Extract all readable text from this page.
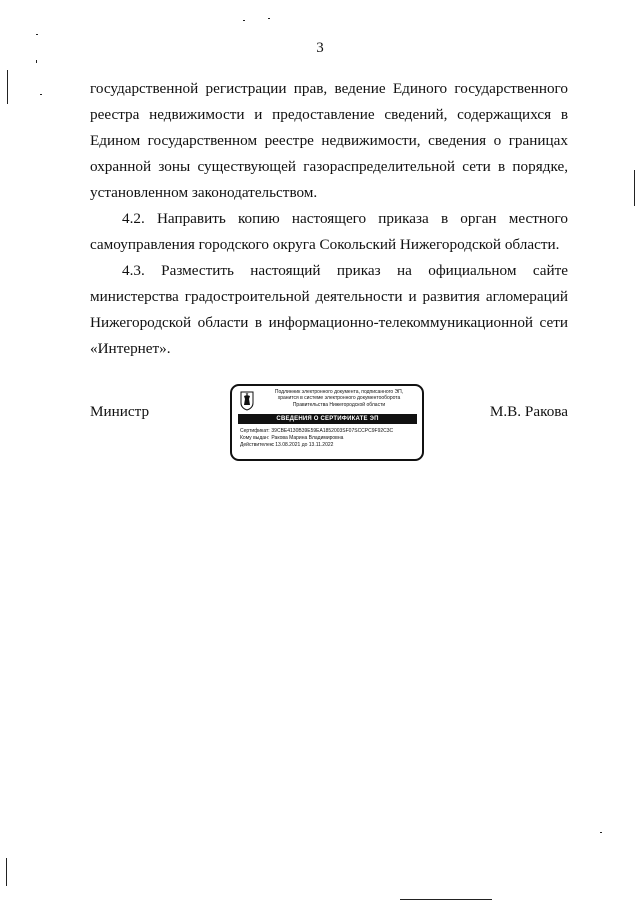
3

государственной регистрации прав, ведение Единого государственного реестра недвижимости и предоставление сведений, содержащихся в Едином государственном реестре недвижимости, сведения о границах охранной зоны существующей газораспределительной сети в порядке, установленном законодательством.

4.2. Направить копию настоящего приказа в орган местного самоуправления городского округа Сокольский Нижегородской области.

4.3. Разместить настоящий приказ на официальном сайте министерства градостроительной деятельности и развития агломераций Нижегородской области в информационно-телекоммуникационной сети «Интернет».

Министр
Подлинник электронного документа, подписанного ЭП,
хранится в системе электронного документооборота
Правительства Нижегородской области
СВЕДЕНИЯ О СЕРТИФИКАТЕ ЭП
Сертификат: 39CBE4130B39E59EA1852003SF07SCCPC9F92C3C
Кому выдан: Ракова Марина Владимировна
Действителен: с 13.08.2021 до 13.11.2022
М.В. Ракова
